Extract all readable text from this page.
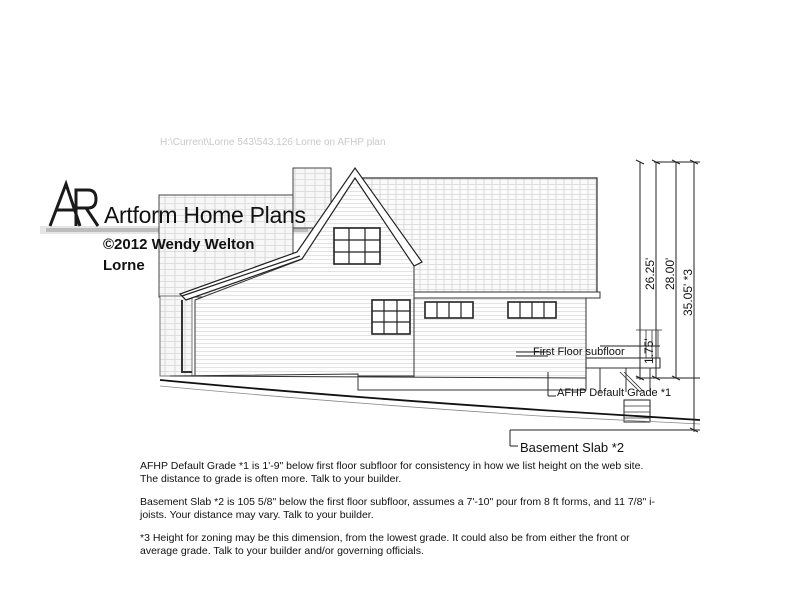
H:\Current\Lorne 543\543.126 Lorne on AFHP plan
Artform Home Plans
©2012 Wendy Welton
Lorne
First Floor subfloor
AFHP Default Grade *1
Basement Slab *2
1.75'
26.25' 28.00' 35.05' *3

AFHP Default Grade *1 is 1'-9" below first floor subfloor for consistency in how we list height on the web site. The distance to grade is often more. Talk to your builder.

Basement Slab *2 is 105 5/8" below the first floor subfloor, assumes a 7'-10" pour from 8 ft forms, and 11 7/8" i-joists. Your distance may vary. Talk to your builder.

*3 Height for zoning may be this dimension, from the lowest grade. It could also be from either the front or average grade. Talk to your builder and/or governing officials.
